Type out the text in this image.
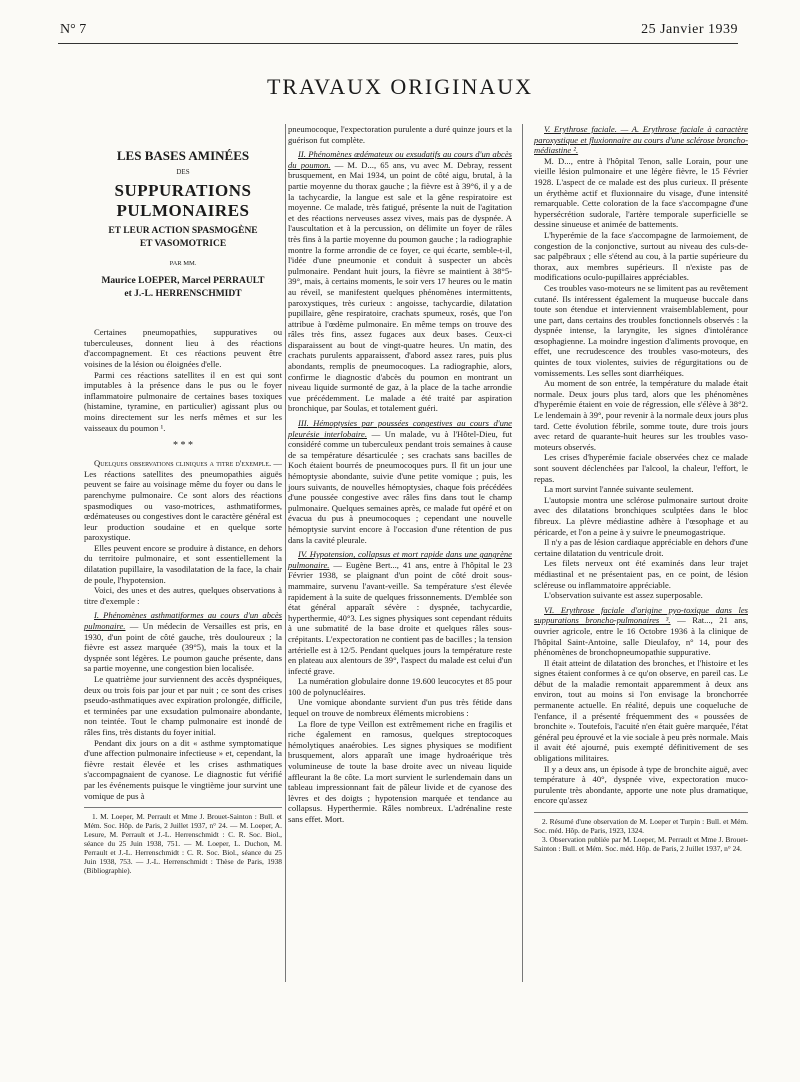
N° 7	25 Janvier 1939
TRAVAUX ORIGINAUX
LES BASES AMINÉES
DES
SUPPURATIONS
PULMONAIRES
ET LEUR ACTION SPASMOGÈNE
ET VASOMOTRICE
PAR MM.
Maurice LOEPER, Marcel PERRAULT
et J.-L. HERRENSCHMIDT

Certaines pneumopathies, suppuratives ou tuberculeuses, donnent lieu à des réactions d'accompagnement. Et ces réactions peuvent être voisines de la lésion ou éloignées d'elle.

Parmi ces réactions satellites il en est qui sont imputables à la présence dans le pus ou le foyer inflammatoire pulmonaire de certaines bases toxiques (histamine, tyramine, en particulier) agissant plus ou moins directement sur les nerfs mêmes et sur les vaisseaux du poumon ¹.

* * *

Quelques observations cliniques a titre d'exemple. — Les réactions satellites des pneumopathies aiguës peuvent se faire au voisinage même du foyer ou dans le parenchyme pulmonaire. Ce sont alors des réactions spasmodiques ou vaso-motrices, asthmatiformes, œdémateuses ou congestives dont le caractère général est leur production soudaine et en quelque sorte paroxystique.

Elles peuvent encore se produire à distance, en dehors du territoire pulmonaire, et sont essentiellement la dilatation pupillaire, la vasodilatation de la face, la chair de poule, l'hypotension.

Voici, des unes et des autres, quelques observations à titre d'exemple :

I. Phénomènes asthmatiformes au cours d'un abcès pulmonaire. — Un médecin de Versailles est pris, en 1930, d'un point de côté gauche, très douloureux ; la fièvre est assez marquée (39°5), mais la toux et la dyspnée sont légères. Le poumon gauche présente, dans sa partie moyenne, une congestion bien localisée.

Le quatrième jour surviennent des accès dyspnéiques, deux ou trois fois par jour et par nuit ; ce sont des crises pseudo-asthmatiques avec expiration prolongée, difficile, et terminées par une exsudation pulmonaire abondante, non teintée. Tout le champ pulmonaire est inondé de râles fins, très distants du foyer initial.

Pendant dix jours on a dit « asthme symptomatique d'une affection pulmonaire infectieuse » et, cependant, la fièvre restait élevée et les crises asthmatiques s'accompagnaient de cyanose. Le diagnostic fut vérifié par les événements puisque le vingtième jour survint une vomique de pus à

1. M. Loeper, M. Perrault et Mme J. Brouet-Sainton : Bull. et Mém. Soc. Hôp. de Paris, 2 Juillet 1937, n° 24. — M. Loeper, A. Lesure, M. Perrault et J.-L. Herrenschmidt : C. R. Soc. Biol., séance du 25 Juin 1938, 751. — M. Loeper, L. Duchon, M. Perrault et J.-L. Herrenschmidt : C. R. Soc. Biol., séance du 25 Juin 1938, 753. — J.-L. Herrenschmidt : Thèse de Paris, 1938 (Bibliographie).

pneumocoque, l'expectoration purulente a duré quinze jours et la guérison fut complète.

II. Phénomènes œdémateux ou exsudatifs au cours d'un abcès du poumon. — M. D..., 65 ans, vu avec M. Debray, ressent brusquement, en Mai 1934, un point de côté aigu, brutal, à la partie moyenne du thorax gauche ; la fièvre est à 39°6, il y a de la tachycardie, la langue est sale et la gêne respiratoire est moyenne. Ce malade, très fatigué, présente la nuit de l'agitation et des réactions nerveuses assez vives, mais pas de dyspnée. A l'auscultation et à la percussion, on délimite un foyer de râles très fins à la partie moyenne du poumon gauche ; la radiographie montre la forme arrondie de ce foyer, ce qui écarte, semble-t-il, l'idée d'une pneumonie et conduit à suspecter un abcès pulmonaire. Pendant huit jours, la fièvre se maintient à 38°5-39°, mais, à certains moments, le soir vers 17 heures ou le matin au réveil, se manifestent quelques phénomènes intermittents, paroxystiques, très curieux : angoisse, tachycardie, dilatation pupillaire, gêne respiratoire, crachats spumeux, rosés, que l'on attribue à l'œdème pulmonaire. En même temps on trouve des râles très fins, assez fugaces aux deux bases. Ceux-ci disparaissent au bout de vingt-quatre heures. Un matin, des crachats purulents apparaissent, d'abord assez rares, puis plus abondants, remplis de pneumocoques. La radiographie, alors, confirme le diagnostic d'abcès du poumon en montrant un niveau liquide surmonté de gaz, à la place de la tache arrondie vue précédemment. Le malade a été traité par aspiration bronchique, par Soulas, et totalement guéri.

III. Hémoptysies par poussées congestives au cours d'une pleurésie interlobaire. — Un malade, vu à l'Hôtel-Dieu, fut considéré comme un tuberculeux pendant trois semaines à cause de sa température désarticulée ; ses crachats sans bacilles de Koch étaient bourrés de pneumocoques purs. Il fit un jour une hémoptysie abondante, suivie d'une petite vomique ; puis, les jours suivants, de nouvelles hémoptysies, chaque fois précédées d'une poussée congestive avec râles fins dans tout le champ pulmonaire. Quelques semaines après, ce malade fut opéré et on évacua du pus à pneumocoques ; cependant une nouvelle hémoptysie survint encore à l'occasion d'une rétention de pus dans la cavité pleurale.

IV. Hypotension, collapsus et mort rapide dans une gangrène pulmonaire. — Eugène Bert..., 41 ans, entre à l'hôpital le 23 Février 1938, se plaignant d'un point de côté droit sous-mammaire, survenu l'avant-veille. Sa température s'est élevée rapidement à la suite de quelques frissonnements. D'emblée son état général apparaît sévère : dyspnée, tachycardie, hyperthermie, 40°3. Les signes physiques sont cependant réduits à une submatité de la base droite et quelques râles sous-crépitants. L'expectoration ne contient pas de bacilles ; la tension artérielle est à 12/5. Pendant quelques jours la température reste en plateau aux alentours de 39°, l'aspect du malade est celui d'un infecté grave.

La numération globulaire donne 19.600 leucocytes et 85 pour 100 de polynucléaires.

Une vomique abondante survient d'un pus très fétide dans lequel on trouve de nombreux éléments microbiens :

La flore de type Veillon est extrêmement riche en fragilis et riche également en ramosus, quelques streptocoques hémolytiques anaérobies. Les signes physiques se modifient brusquement, alors apparaît une image hydroaérique très volumineuse de toute la base droite avec un niveau liquide affleurant la 8e côte. La mort survient le surlendemain dans un tableau impressionnant fait de pâleur livide et de cyanose des lèvres et des doigts ; hypotension marquée et tendance au collapsus. Hyperthermie. Râles nombreux. L'adrénaline reste sans effet. Mort.

V. Erythrose faciale. — A. Erythrose faciale à caractère paroxystique et fluxionnaire au cours d'une sclérose broncho-médiastine ².

M. D..., entre à l'hôpital Tenon, salle Lorain, pour une vieille lésion pulmonaire et une légère fièvre, le 15 Février 1928. L'aspect de ce malade est des plus curieux. Il présente un érythème actif et fluxionnaire du visage, d'une intensité remarquable. Cette coloration de la face s'accompagne d'une hypersécrétion sudorale, l'artère temporale superficielle se dessine sinueuse et animée de battements.

L'hyperémie de la face s'accompagne de larmoiement, de congestion de la conjonctive, surtout au niveau des culs-de-sac palpébraux ; elle s'étend au cou, à la partie supérieure du thorax, aux membres supérieurs. Il n'existe pas de modifications oculo-pupillaires appréciables.

Ces troubles vaso-moteurs ne se limitent pas au revêtement cutané. Ils intéressent également la muqueuse buccale dans toute son étendue et interviennent vraisemblablement, pour une part, dans certains des troubles fonctionnels observés : la dyspnée intense, la laryngite, les signes d'intolérance œsophagienne. La moindre ingestion d'aliments provoque, en effet, une recrudescence des troubles vaso-moteurs, des quintes de toux violentes, suivies de régurgitations ou de vomissements. Les selles sont diarrhéiques.

Au moment de son entrée, la température du malade était normale. Deux jours plus tard, alors que les phénomènes d'hyperémie étaient en voie de régression, elle s'élève à 38°2. Le lendemain à 39°, pour revenir à la normale deux jours plus tard. Cette évolution fébrile, somme toute, dure trois jours avec retard de quarante-huit heures sur les troubles vaso-moteurs observés.

Les crises d'hyperémie faciale observées chez ce malade sont souvent déclenchées par l'alcool, la chaleur, l'effort, le repas.

La mort survint l'année suivante seulement.

L'autopsie montra une sclérose pulmonaire surtout droite avec des dilatations bronchiques sculptées dans le bloc fibreux. La plèvre médiastine adhère à l'œsophage et au péricarde, et l'on a peine à y suivre le pneumogastrique.

Il n'y a pas de lésion cardiaque appréciable en dehors d'une certaine dilatation du ventricule droit.

Les filets nerveux ont été examinés dans leur trajet médiastinal et ne présentaient pas, en ce point, de lésion scléreuse ou inflammatoire appréciable.

L'observation suivante est assez superposable.

VI. Erythrose faciale d'origine pyo-toxique dans les suppurations broncho-pulmonaires ³. — Rat..., 21 ans, ouvrier agricole, entre le 16 Octobre 1936 à la clinique de l'hôpital Saint-Antoine, salle Dieulafoy, n° 14, pour des phénomènes de bronchopneumopathie suppurative.

Il était atteint de dilatation des bronches, et l'histoire et les signes étaient conformes à ce qu'on observe, en pareil cas. Le début de la maladie remontait apparemment à deux ans environ, tout au moins si l'on envisage la bronchorrée permanente actuelle. En réalité, depuis une coqueluche de l'enfance, il a présenté fréquemment des « poussées de bronchite ». Toutefois, l'acuité n'en était guère marquée, l'état général peu éprouvé et la vie sociale à peu près normale. Mais il avait été ajourné, puis exempté définitivement de ses obligations militaires.

Il y a deux ans, un épisode à type de bronchite aiguë, avec température à 40°, dyspnée vive, expectoration muco-purulente très abondante, apporte une note plus dramatique, encore qu'assez

2. Résumé d'une observation de M. Loeper et Turpin : Bull. et Mém. Soc. méd. Hôp. de Paris, 1923, 1324.
3. Observation publiée par M. Loeper, M. Perrault et Mme J. Brouet-Sainton : Bull. et Mém. Soc. méd. Hôp. de Paris, 2 Juillet 1937, n° 24.
